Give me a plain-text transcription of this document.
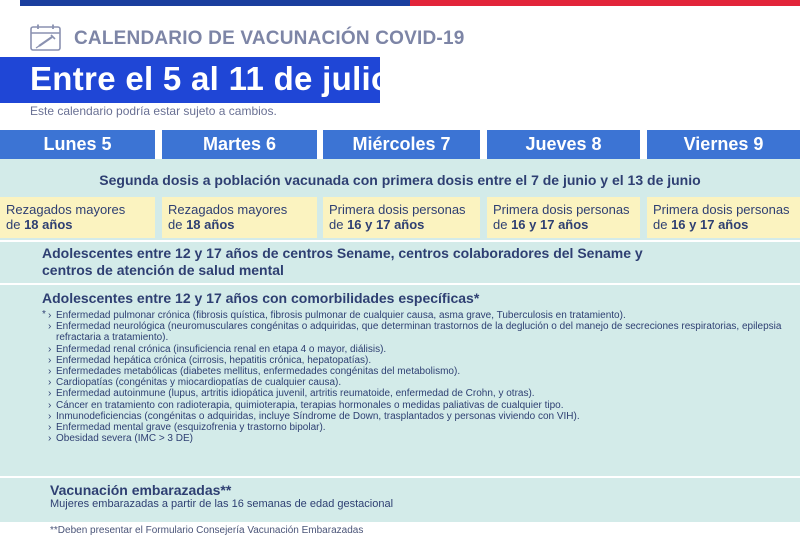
CALENDARIO DE VACUNACIÓN COVID-19
Entre el 5 al 11 de julio
Este calendario podría estar sujeto a cambios.
Lunes 5	Martes 6	Miércoles 7	Jueves 8	Viernes 9
Segunda dosis a población vacunada con primera dosis entre el 7 de junio y el 13 de junio
Rezagados mayores
de 18 años
Rezagados mayores
de 18 años
Primera dosis personas
de 16 y 17 años
Primera dosis personas
de 16 y 17 años
Primera dosis personas
de 16 y 17 años
Adolescentes entre 12 y 17 años de centros Sename, centros colaboradores del Sename y
centros de atención de salud mental
Adolescentes entre 12 y 17 años con comorbilidades específicas*
*
›	Enfermedad pulmonar crónica (fibrosis quística, fibrosis pulmonar de cualquier causa, asma grave, Tuberculosis en tratamiento).
› Enfermedad neurológica (neuromusculares congénitas o adquiridas, que determinan trastornos de la deglución o del manejo de secreciones respiratorias, epilepsia refractaria a tratamiento).
› Enfermedad renal crónica (insuficiencia renal en etapa 4 o mayor, diálisis).
› Enfermedad hepática crónica (cirrosis, hepatitis crónica, hepatopatías).
› Enfermedades metabólicas (diabetes mellitus, enfermedades congénitas del metabolismo).
› Cardiopatías (congénitas y miocardiopatías de cualquier causa).
› Enfermedad autoinmune (lupus, artritis idiopática juvenil, artritis reumatoide, enfermedad de Crohn, y otras).
› Cáncer en tratamiento con radioterapia, quimioterapia, terapias hormonales o medidas paliativas de cualquier tipo.
› Inmunodeficiencias (congénitas o adquiridas, incluye Síndrome de Down, trasplantados y personas viviendo con VIH).
› Enfermedad mental grave (esquizofrenia y trastorno bipolar).
› Obesidad severa (IMC > 3 DE)
Vacunación embarazadas**
Mujeres embarazadas a partir de las 16 semanas de edad gestacional
**Deben presentar el Formulario Consejería Vacunación Embarazadas
